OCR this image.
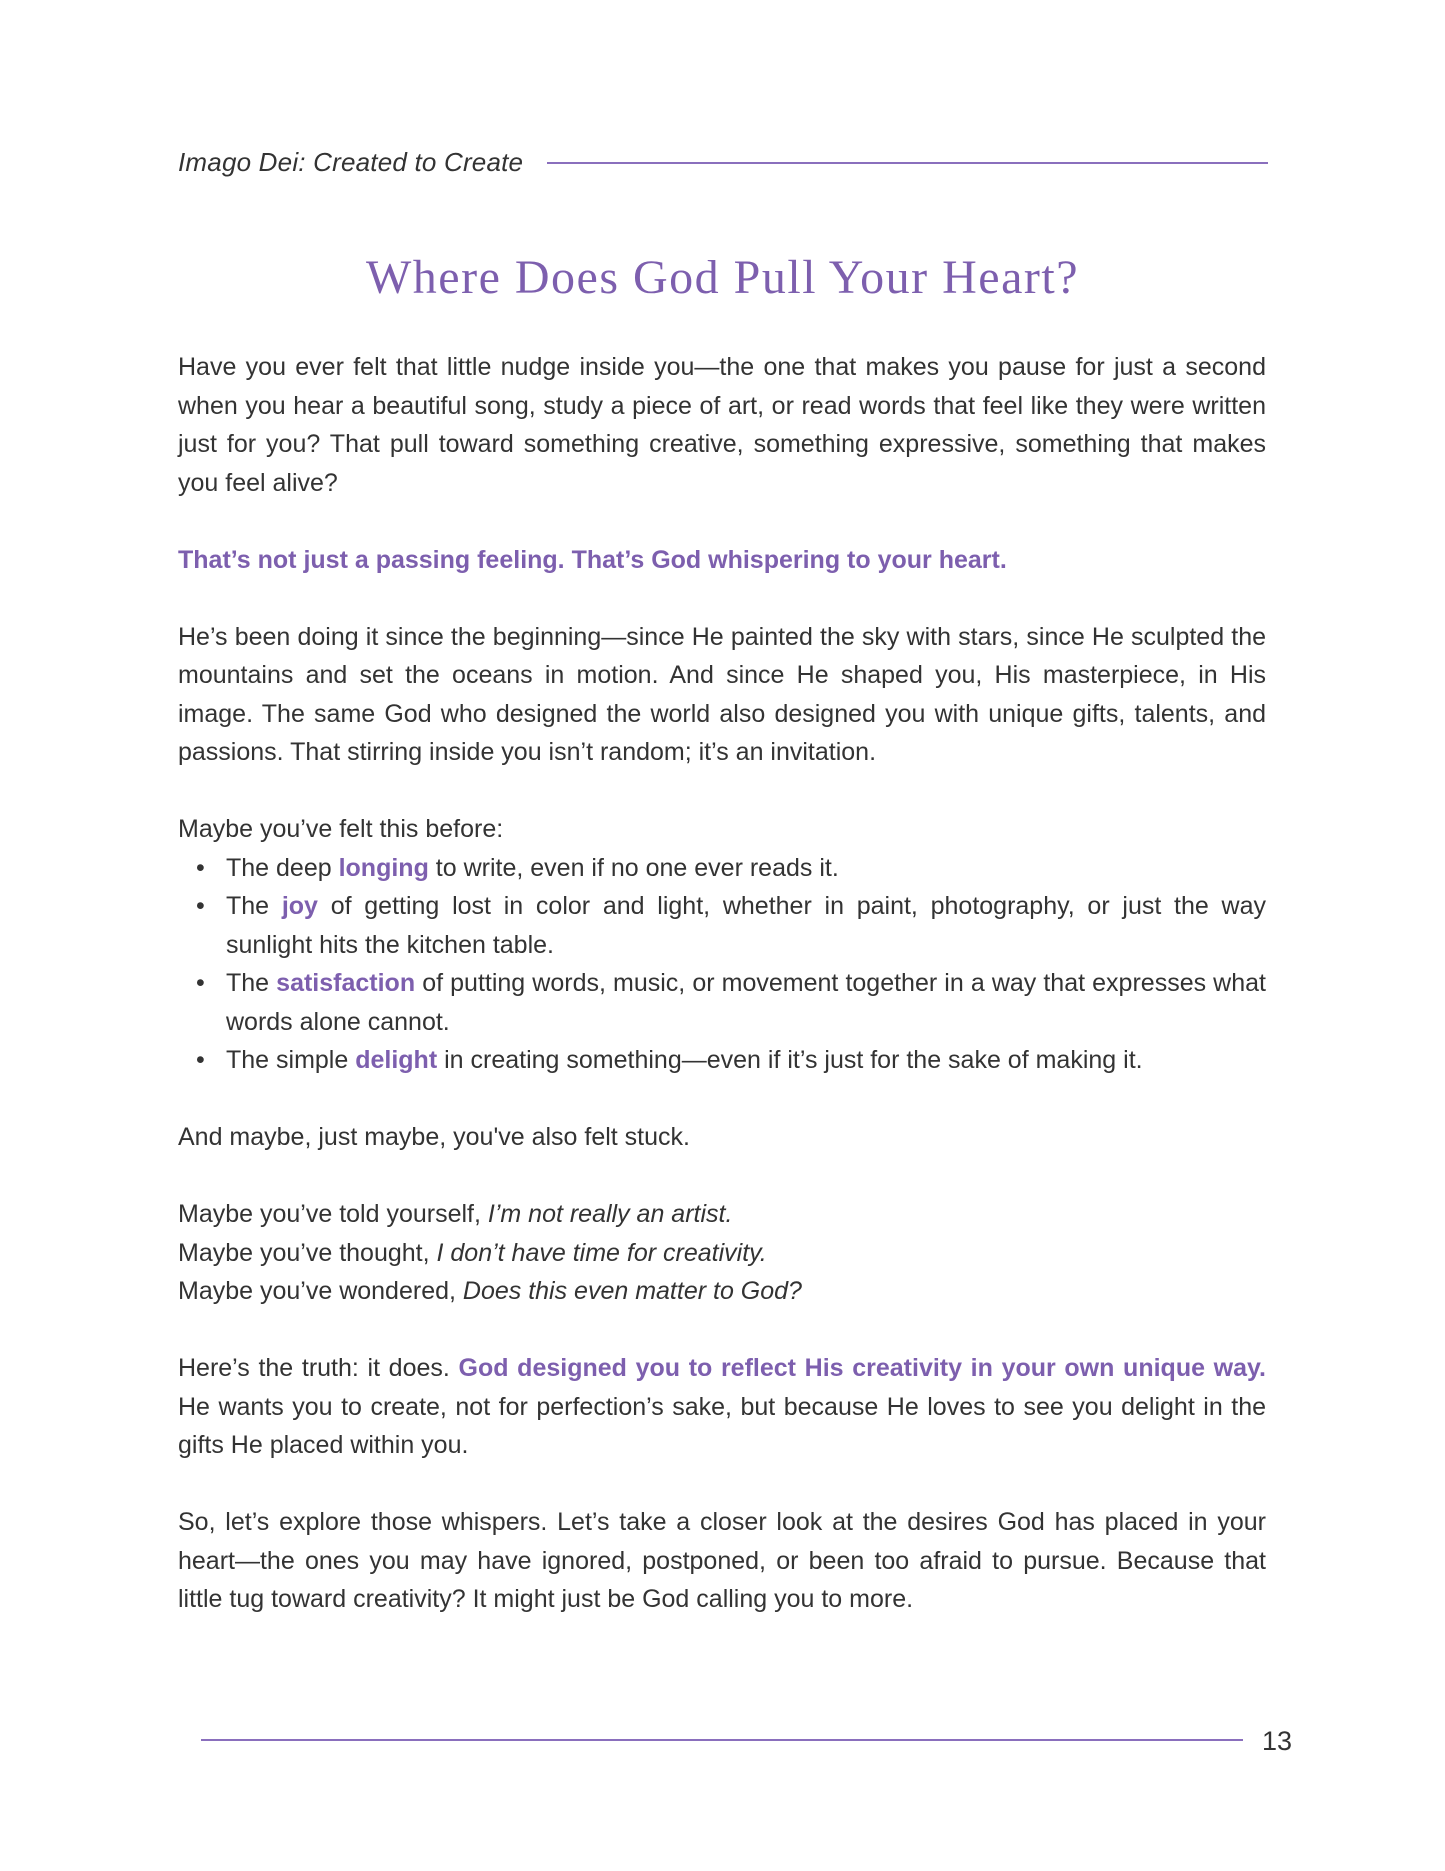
Imago Dei: Created to Create
Where Does God Pull Your Heart?

Have you ever felt that little nudge inside you—the one that makes you pause for just a second when you hear a beautiful song, study a piece of art, or read words that feel like they were written just for you? That pull toward something creative, something expressive, something that makes you feel alive?

That’s not just a passing feeling. That’s God whispering to your heart.

He’s been doing it since the beginning—since He painted the sky with stars, since He sculpted the mountains and set the oceans in motion. And since He shaped you, His masterpiece, in His image. The same God who designed the world also designed you with unique gifts, talents, and passions. That stirring inside you isn’t random; it’s an invitation.

Maybe you’ve felt this before:

• The deep longing to write, even if no one ever reads it.
• The joy of getting lost in color and light, whether in paint, photography, or just the way sunlight hits the kitchen table.
• The satisfaction of putting words, music, or movement together in a way that expresses what words alone cannot.
• The simple delight in creating something—even if it’s just for the sake of making it.

And maybe, just maybe, you've also felt stuck.

Maybe you’ve told yourself, I’m not really an artist.
Maybe you’ve thought, I don’t have time for creativity.
Maybe you’ve wondered, Does this even matter to God?

Here’s the truth: it does. God designed you to reflect His creativity in your own unique way. He wants you to create, not for perfection’s sake, but because He loves to see you delight in the gifts He placed within you.

So, let’s explore those whispers. Let’s take a closer look at the desires God has placed in your heart—the ones you may have ignored, postponed, or been too afraid to pursue. Because that little tug toward creativity? It might just be God calling you to more.

13
